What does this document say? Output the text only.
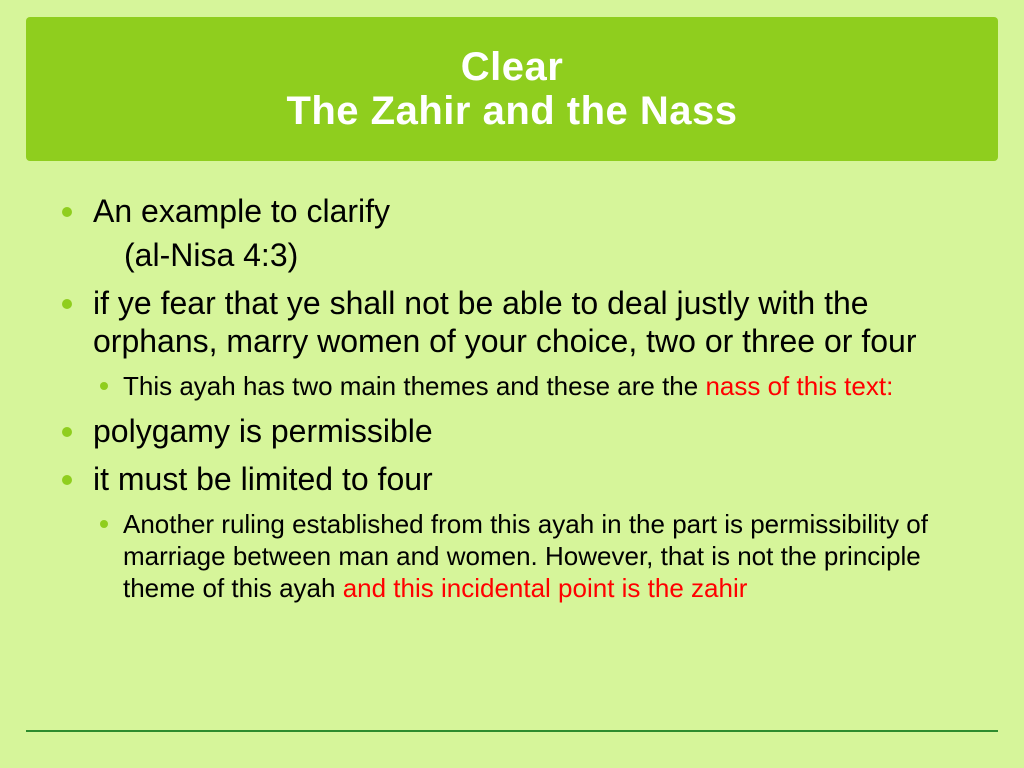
Clear
The Zahir and the Nass
An example to clarify
(al-Nisa 4:3)
if ye fear that ye shall not be able to deal justly with the orphans, marry women of your choice, two or three or four
This ayah has two main themes and these are the nass of this text:
polygamy is permissible
it must be limited to four
Another ruling established from this ayah in the part is permissibility of marriage between man and women. However, that is not the principle theme of this ayah and this incidental point is the zahir
